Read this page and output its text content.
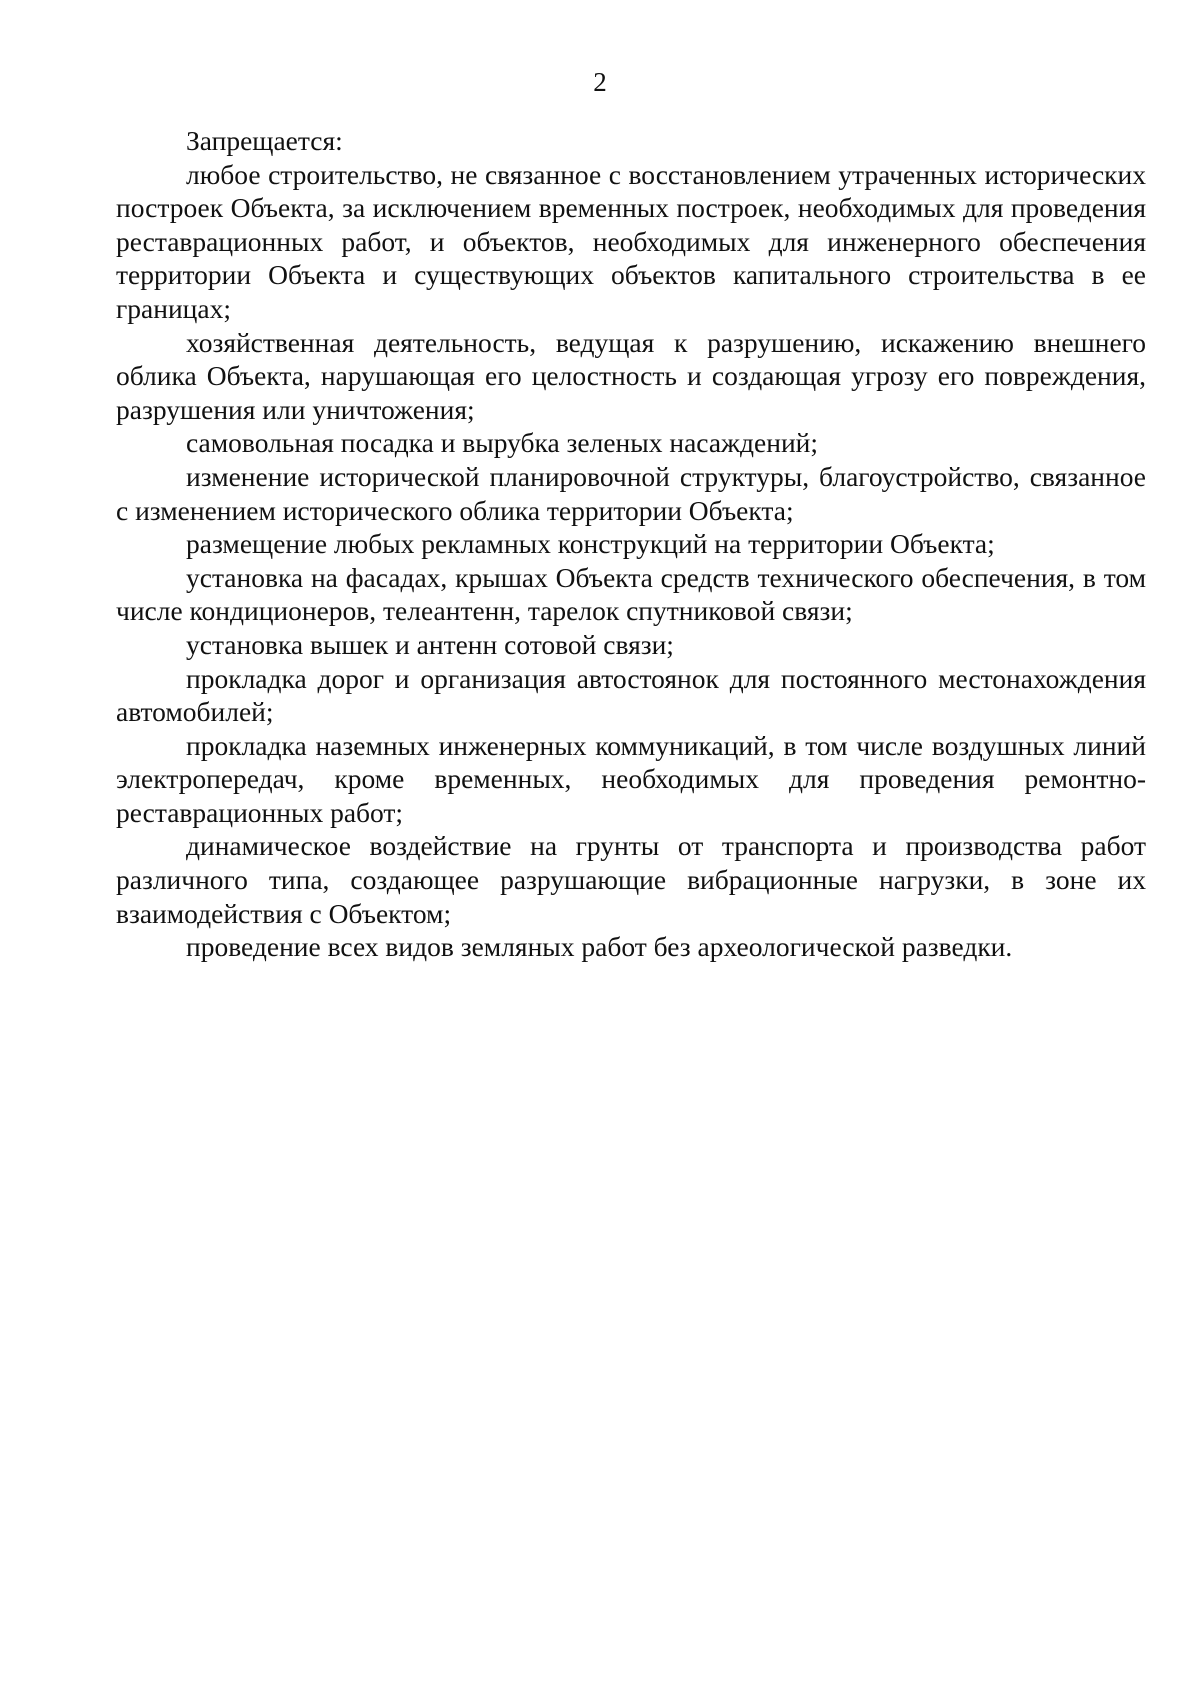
2

Запрещается:

любое строительство, не связанное с восстановлением утраченных исторических построек Объекта, за исключением временных построек, необходимых для проведения реставрационных работ, и объектов, необходимых для инженерного обеспечения территории Объекта и существующих объектов капитального строительства в ее границах;

хозяйственная деятельность, ведущая к разрушению, искажению внешнего облика Объекта, нарушающая его целостность и создающая угрозу его повреждения, разрушения или уничтожения;

самовольная посадка и вырубка зеленых насаждений;

изменение исторической планировочной структуры, благоустройство, связанное с изменением исторического облика территории Объекта;

размещение любых рекламных конструкций на территории Объекта;

установка на фасадах, крышах Объекта средств технического обеспечения, в том числе кондиционеров, телеантенн, тарелок спутниковой связи;

установка вышек и антенн сотовой связи;

прокладка дорог и организация автостоянок для постоянного местонахождения автомобилей;

прокладка наземных инженерных коммуникаций, в том числе воздушных линий электропередач, кроме временных, необходимых для проведения ремонтно-реставрационных работ;

динамическое воздействие на грунты от транспорта и производства работ различного типа, создающее разрушающие вибрационные нагрузки, в зоне их взаимодействия с Объектом;

проведение всех видов земляных работ без археологической разведки.
